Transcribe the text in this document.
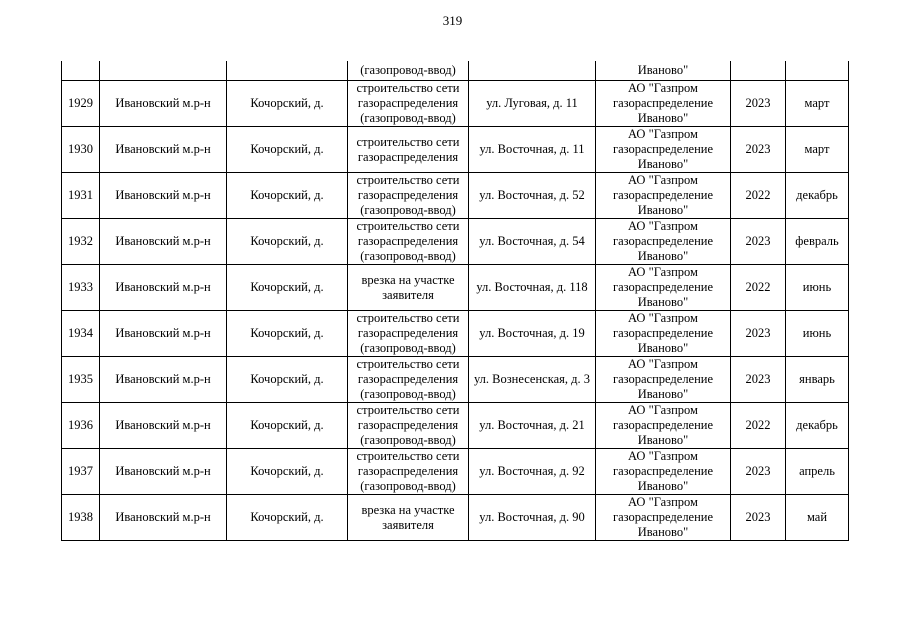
319
			(газопровод-ввод)		Иваново"		
1929	Ивановский м.р-н	Кочорский, д.	строительство сети газораспределения (газопровод-ввод)	ул. Луговая, д. 11	АО "Газпром газораспределение Иваново"	2023	март
1930	Ивановский м.р-н	Кочорский, д.	строительство сети газораспределения	ул. Восточная, д. 11	АО "Газпром газораспределение Иваново"	2023	март
1931	Ивановский м.р-н	Кочорский, д.	строительство сети газораспределения (газопровод-ввод)	ул. Восточная, д. 52	АО "Газпром газораспределение Иваново"	2022	декабрь
1932	Ивановский м.р-н	Кочорский, д.	строительство сети газораспределения (газопровод-ввод)	ул. Восточная, д. 54	АО "Газпром газораспределение Иваново"	2023	февраль
1933	Ивановский м.р-н	Кочорский, д.	врезка на участке заявителя	ул. Восточная, д. 118	АО "Газпром газораспределение Иваново"	2022	июнь
1934	Ивановский м.р-н	Кочорский, д.	строительство сети газораспределения (газопровод-ввод)	ул. Восточная, д. 19	АО "Газпром газораспределение Иваново"	2023	июнь
1935	Ивановский м.р-н	Кочорский, д.	строительство сети газораспределения (газопровод-ввод)	ул. Вознесенская, д. 3	АО "Газпром газораспределение Иваново"	2023	январь
1936	Ивановский м.р-н	Кочорский, д.	строительство сети газораспределения (газопровод-ввод)	ул. Восточная, д. 21	АО "Газпром газораспределение Иваново"	2022	декабрь
1937	Ивановский м.р-н	Кочорский, д.	строительство сети газораспределения (газопровод-ввод)	ул. Восточная, д. 92	АО "Газпром газораспределение Иваново"	2023	апрель
1938	Ивановский м.р-н	Кочорский, д.	врезка на участке заявителя	ул. Восточная, д. 90	АО "Газпром газораспределение Иваново"	2023	май
